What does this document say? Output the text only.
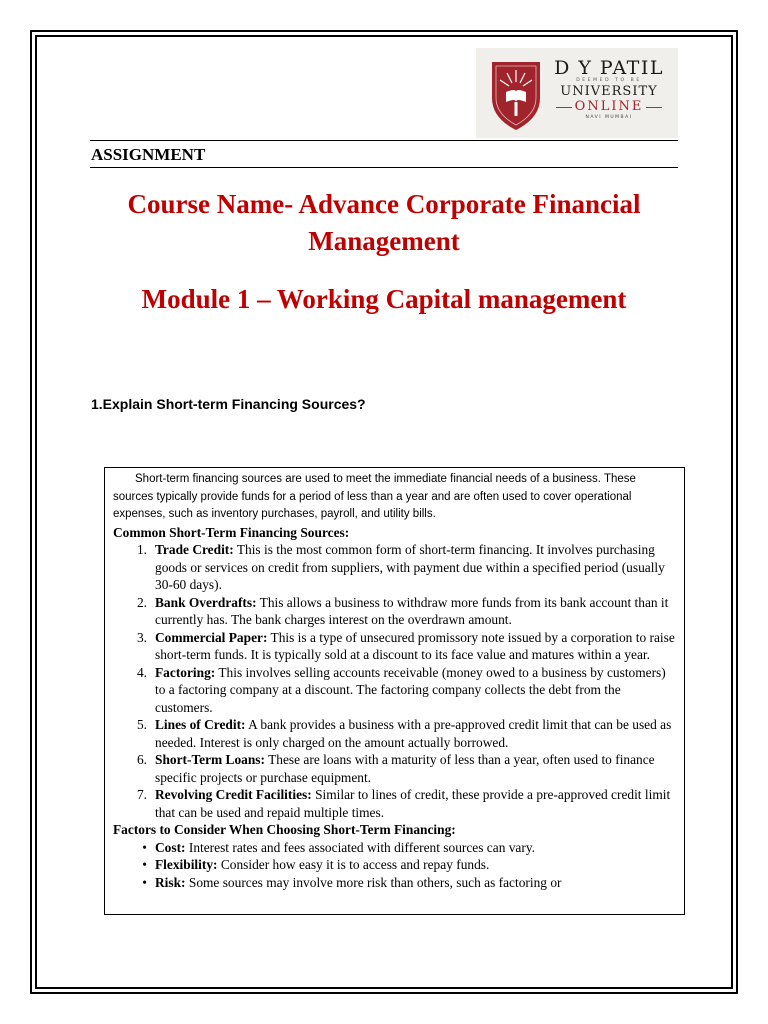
D Y PATIL
DEEMED TO BE
UNIVERSITY
ONLINE
NAVI MUMBAI
ASSIGNMENT
Course Name- Advance Corporate Financial Management
Module 1 – Working Capital management
1.Explain Short-term Financing Sources?

Short-term financing sources are used to meet the immediate financial needs of a business. These sources typically provide funds for a period of less than a year and are often used to cover operational expenses, such as inventory purchases, payroll, and utility bills.

Common Short-Term Financing Sources:

1. Trade Credit: This is the most common form of short-term financing. It involves purchasing goods or services on credit from suppliers, with payment due within a specified period (usually 30-60 days).

2. Bank Overdrafts: This allows a business to withdraw more funds from its bank account than it currently has. The bank charges interest on the overdrawn amount.

3. Commercial Paper: This is a type of unsecured promissory note issued by a corporation to raise short-term funds. It is typically sold at a discount to its face value and matures within a year.

4. Factoring: This involves selling accounts receivable (money owed to a business by customers) to a factoring company at a discount. The factoring company collects the debt from the customers.

5. Lines of Credit: A bank provides a business with a pre-approved credit limit that can be used as needed. Interest is only charged on the amount actually borrowed.

6. Short-Term Loans: These are loans with a maturity of less than a year, often used to finance specific projects or purchase equipment.

7. Revolving Credit Facilities: Similar to lines of credit, these provide a pre-approved credit limit that can be used and repaid multiple times.

Factors to Consider When Choosing Short-Term Financing:

• Cost: Interest rates and fees associated with different sources can vary.

• Flexibility: Consider how easy it is to access and repay funds.

• Risk: Some sources may involve more risk than others, such as factoring or
